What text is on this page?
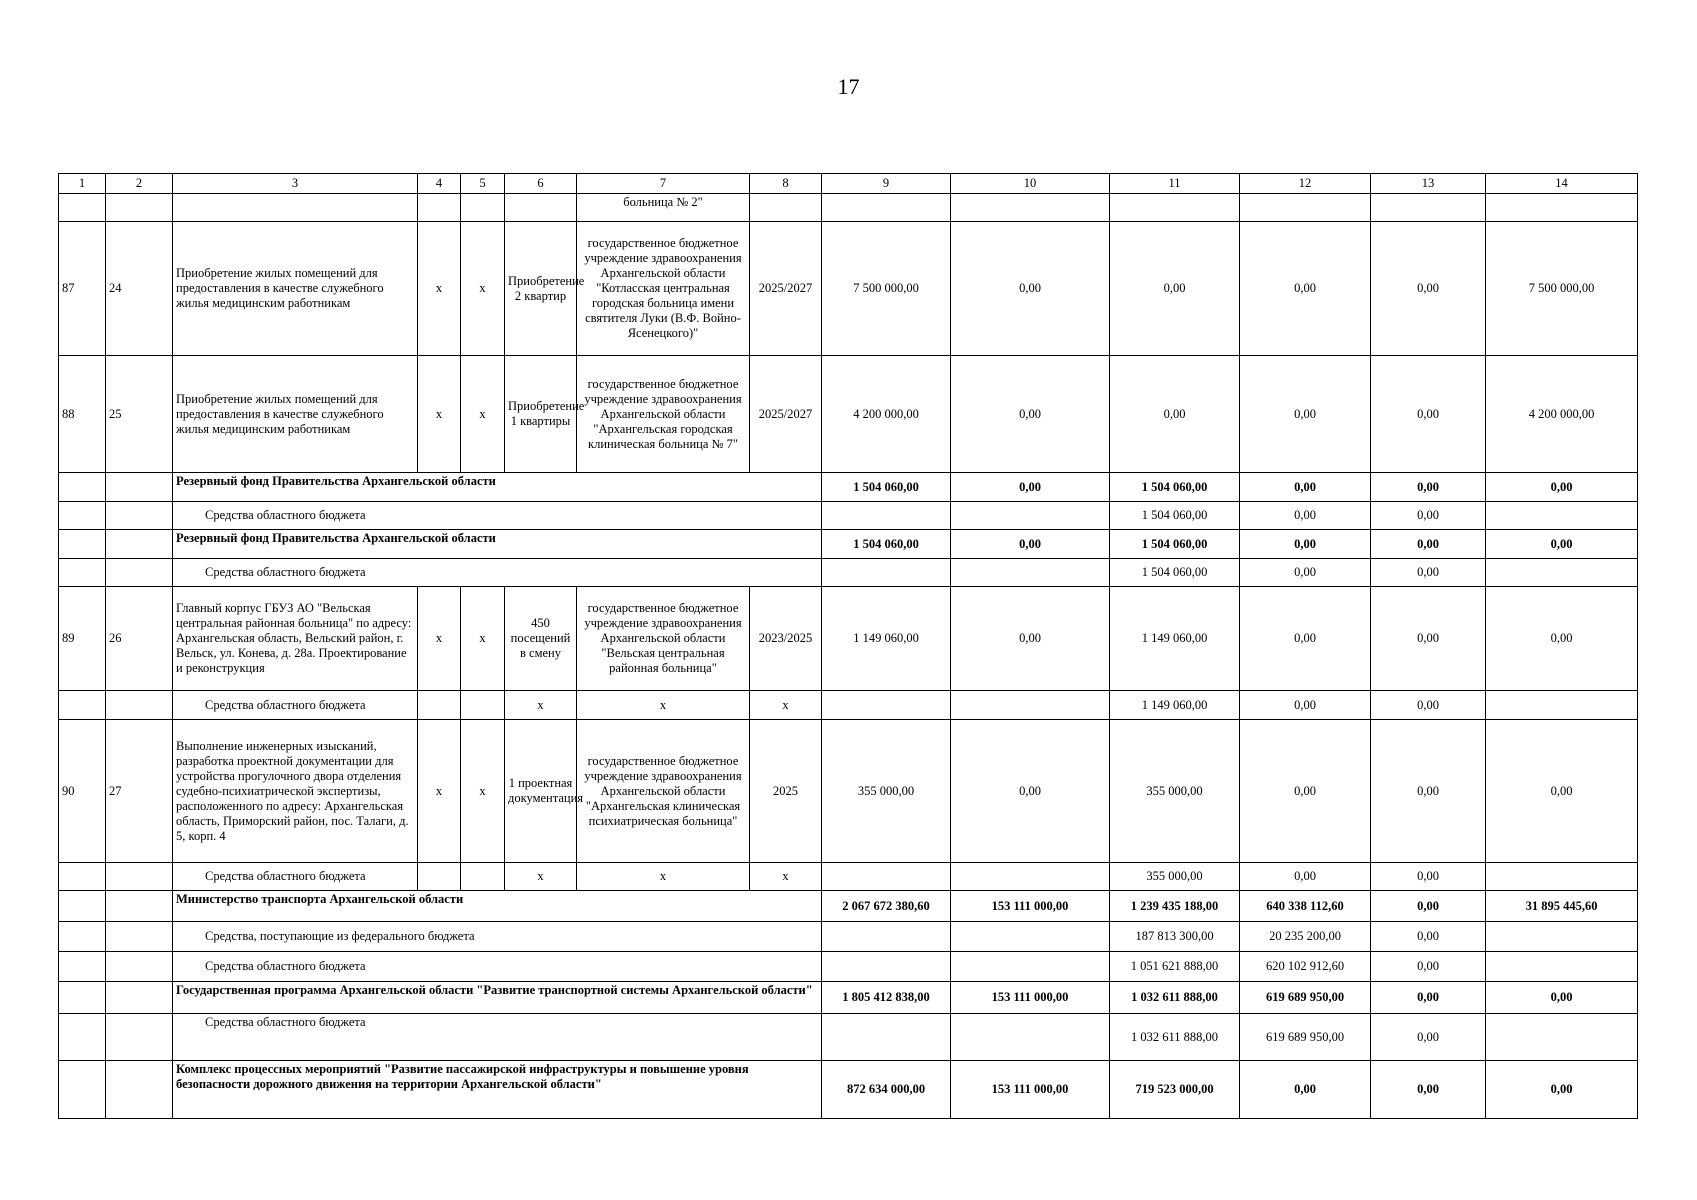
17
1	2	3	4	5	6	7	8	9	10	11	12	13	14
						больница № 2"							
87	24	Приобретение жилых помещений для предоставления в качестве служебного жилья медицинским работникам	x	x	Приобретение 2 квартир	государственное бюджетное учреждение здравоохранения Архангельской области "Котласская центральная городская больница имени святителя Луки (В.Ф. Войно-Ясенецкого)"	2025/2027	7 500 000,00	0,00	0,00	0,00	0,00	7 500 000,00
88	25	Приобретение жилых помещений для предоставления в качестве служебного жилья медицинским работникам	x	x	Приобретение 1 квартиры	государственное бюджетное учреждение здравоохранения Архангельской области "Архангельская городская клиническая больница № 7"	2025/2027	4 200 000,00	0,00	0,00	0,00	0,00	4 200 000,00
		Резервный фонд Правительства Архангельской области						1 504 060,00	0,00	1 504 060,00	0,00	0,00	0,00
		Средства областного бюджета								1 504 060,00	0,00	0,00	
		Резервный фонд Правительства Архангельской области						1 504 060,00	0,00	1 504 060,00	0,00	0,00	0,00
		Средства областного бюджета								1 504 060,00	0,00	0,00	
89	26	Главный корпус ГБУЗ АО "Вельская центральная районная больница" по адресу: Архангельская область, Вельский район, г. Вельск, ул. Конева, д. 28а. Проектирование и реконструкция	x	x	450 посещений в смену	государственное бюджетное учреждение здравоохранения Архангельской области "Вельская центральная районная больница"	2023/2025	1 149 060,00	0,00	1 149 060,00	0,00	0,00	0,00
		Средства областного бюджета			x	x	x			1 149 060,00	0,00	0,00	
90	27	Выполнение инженерных изысканий, разработка проектной документации для устройства прогулочного двора отделения судебно-психиатрической экспертизы, расположенного по адресу: Архангельская область, Приморский район, пос. Талаги, д. 5, корп. 4	x	x	1 проектная документация	государственное бюджетное учреждение здравоохранения Архангельской области "Архангельская клиническая психиатрическая больница"	2025	355 000,00	0,00	355 000,00	0,00	0,00	0,00
		Средства областного бюджета			x	x	x			355 000,00	0,00	0,00	
		Министерство транспорта Архангельской области						2 067 672 380,60	153 111 000,00	1 239 435 188,00	640 338 112,60	0,00	31 895 445,60
		Средства, поступающие из федерального бюджета								187 813 300,00	20 235 200,00	0,00	
		Средства областного бюджета								1 051 621 888,00	620 102 912,60	0,00	
		Государственная программа Архангельской области "Развитие транспортной системы Архангельской области"						1 805 412 838,00	153 111 000,00	1 032 611 888,00	619 689 950,00	0,00	0,00
		Средства областного бюджета								1 032 611 888,00	619 689 950,00	0,00	
		Комплекс процессных мероприятий "Развитие пассажирской инфраструктуры и повышение уровня безопасности дорожного движения на территории Архангельской области"						872 634 000,00	153 111 000,00	719 523 000,00	0,00	0,00	0,00
